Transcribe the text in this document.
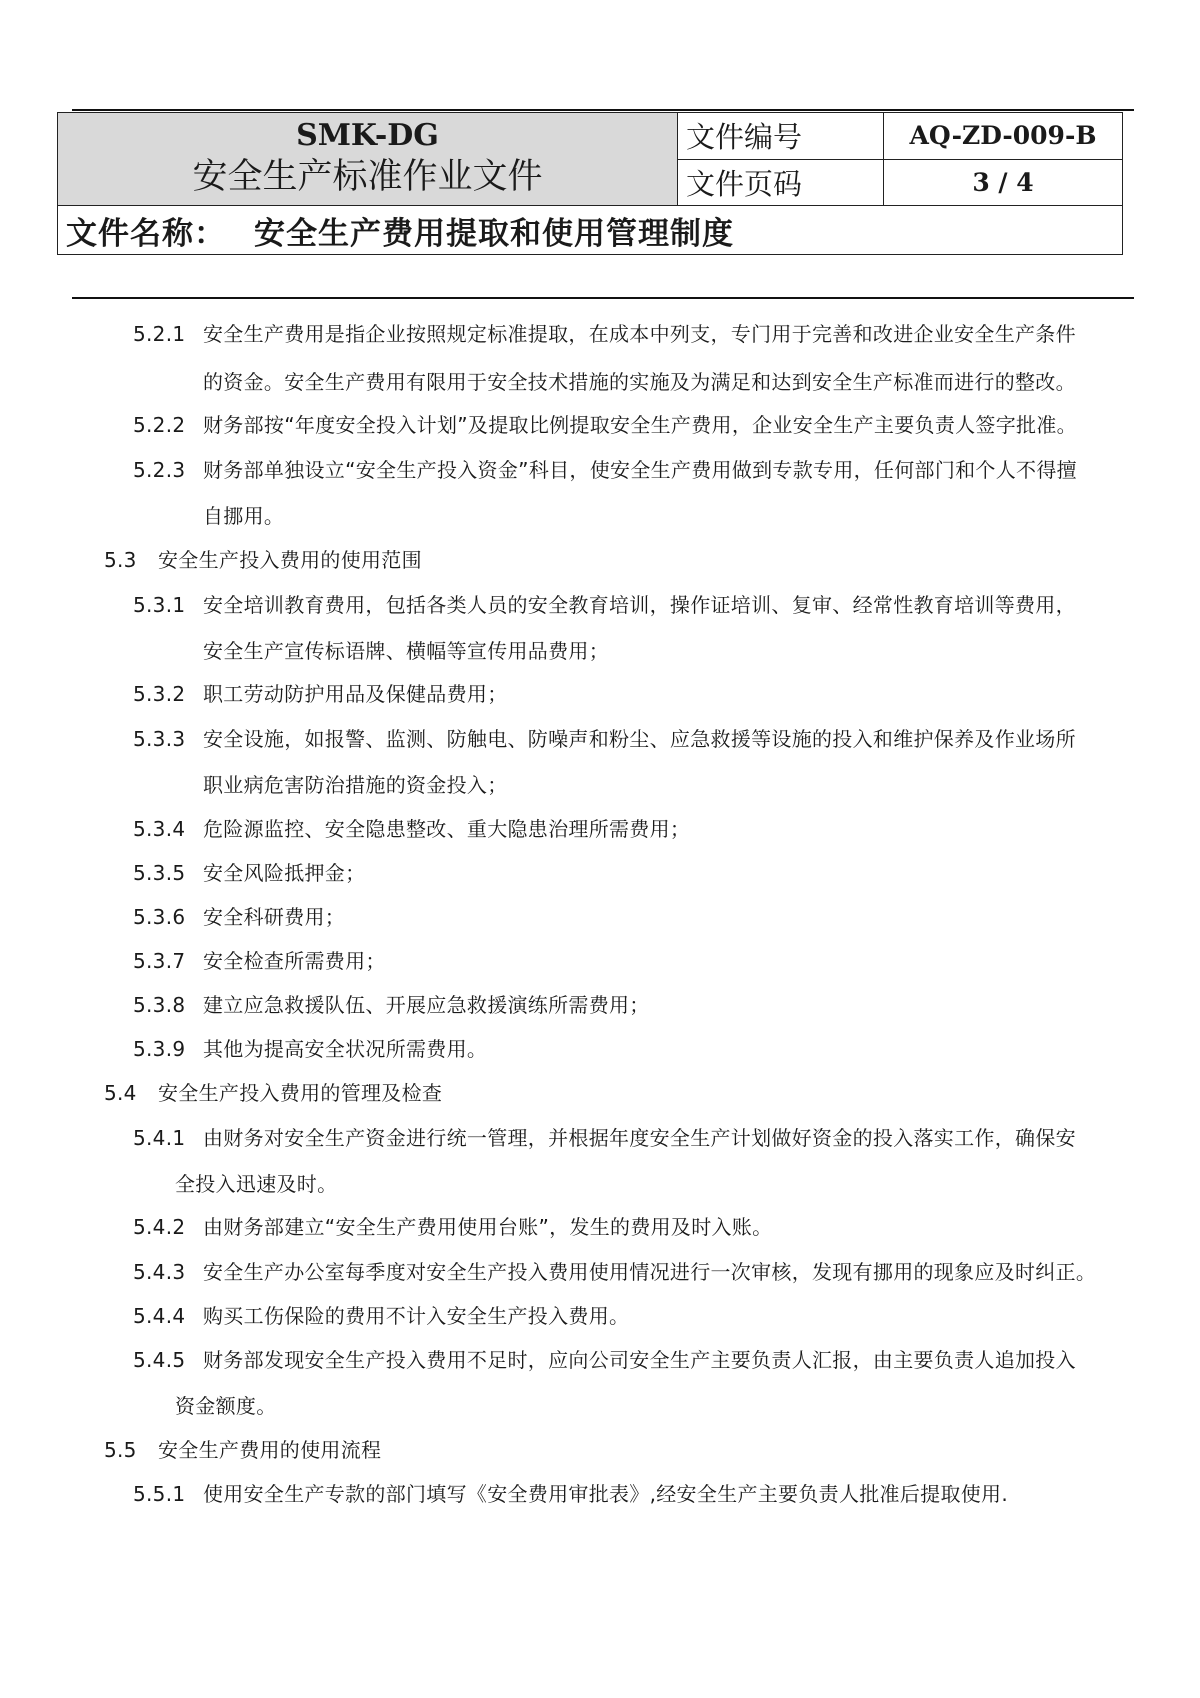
SMK-DG
安全生产标准作业文件	文件编号	AQ-ZD-009-B
	文件页码	3 / 4
文件名称： 安全生产费用提取和使用管理制度		
5.2.1 安全生产费用是指企业按照规定标准提取，在成本中列支，专门用于完善和改进企业安全生产条件
的资金。安全生产费用有限用于安全技术措施的实施及为满足和达到安全生产标准而进行的整改。
5.2.2 财务部按“年度安全投入计划”及提取比例提取安全生产费用，企业安全生产主要负责人签字批准。
5.2.3 财务部单独设立“安全生产投入资金”科目，使安全生产费用做到专款专用，任何部门和个人不得擅
自挪用。
5.3 安全生产投入费用的使用范围
5.3.1 安全培训教育费用，包括各类人员的安全教育培训，操作证培训、复审、经常性教育培训等费用，
安全生产宣传标语牌、横幅等宣传用品费用；
5.3.2 职工劳动防护用品及保健品费用；
5.3.3 安全设施，如报警、监测、防触电、防噪声和粉尘、应急救援等设施的投入和维护保养及作业场所
职业病危害防治措施的资金投入；
5.3.4 危险源监控、安全隐患整改、重大隐患治理所需费用；
5.3.5 安全风险抵押金；
5.3.6 安全科研费用；
5.3.7 安全检查所需费用；
5.3.8 建立应急救援队伍、开展应急救援演练所需费用；
5.3.9 其他为提高安全状况所需费用。
5.4 安全生产投入费用的管理及检查
5.4.1 由财务对安全生产资金进行统一管理，并根据年度安全生产计划做好资金的投入落实工作，确保安
全投入迅速及时。
5.4.2 由财务部建立“安全生产费用使用台账”，发生的费用及时入账。
5.4.3 安全生产办公室每季度对安全生产投入费用使用情况进行一次审核，发现有挪用的现象应及时纠正。
5.4.4 购买工伤保险的费用不计入安全生产投入费用。
5.4.5 财务部发现安全生产投入费用不足时，应向公司安全生产主要负责人汇报，由主要负责人追加投入
资金额度。
5.5 安全生产费用的使用流程
5.5.1 使用安全生产专款的部门填写《安全费用审批表》,经安全生产主要负责人批准后提取使用.
